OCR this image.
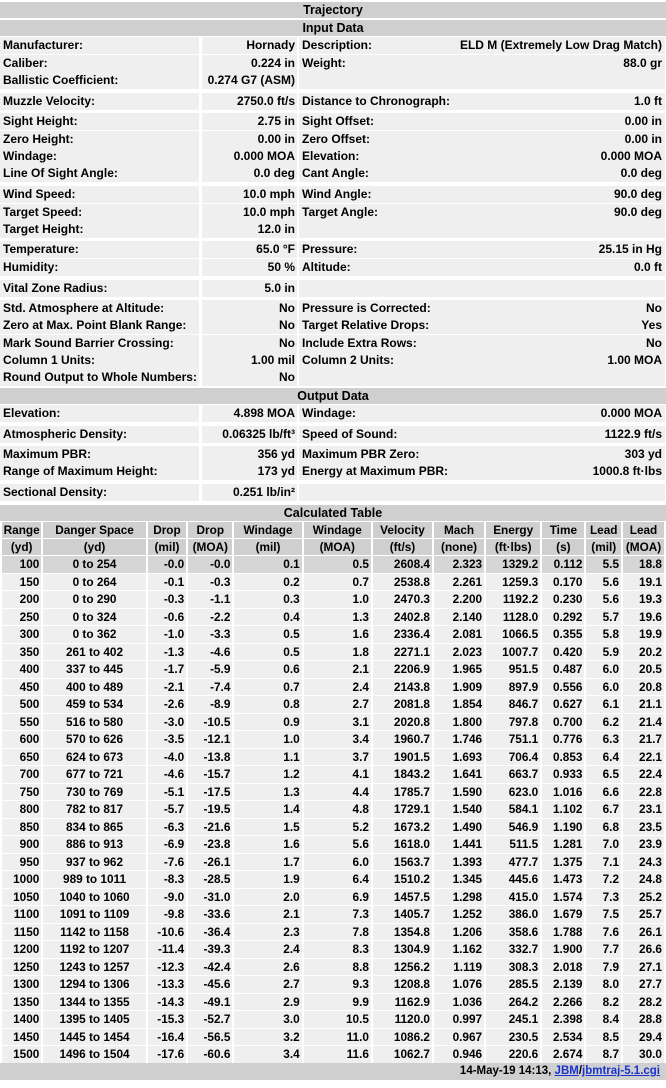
Trajectory
Input Data
Manufacturer:	Hornady Description:	ELD M (Extremely Low Drag Match)
Caliber:	0.224 in Weight:	88.0 gr
Ballistic Coefficient:	0.274 G7 (ASM)
Muzzle Velocity:	2750.0 ft/s Distance to Chronograph:	1.0 ft
Sight Height:	2.75 in Sight Offset:	0.00 in
Zero Height:	0.00 in Zero Offset:	0.00 in
Windage:	0.000 MOA Elevation:	0.000 MOA
Line Of Sight Angle:	0.0 deg Cant Angle:	0.0 deg
Wind Speed:	10.0 mph Wind Angle:	90.0 deg
Target Speed:	10.0 mph Target Angle:	90.0 deg
Target Height:	12.0 in
Temperature:	65.0 °F Pressure:	25.15 in Hg
Humidity:	50 % Altitude:	0.0 ft
Vital Zone Radius:	5.0 in
Std. Atmosphere at Altitude:	No Pressure is Corrected:	No
Zero at Max. Point Blank Range:	No Target Relative Drops:	Yes
Mark Sound Barrier Crossing:	No Include Extra Rows:	No
Column 1 Units:	1.00 mil Column 2 Units:	1.00 MOA
Round Output to Whole Numbers:	No
Output Data
Elevation:	4.898 MOA Windage:	0.000 MOA
Atmospheric Density:	0.06325 lb/ft³ Speed of Sound:	1122.9 ft/s
Maximum PBR:	356 yd Maximum PBR Zero:	303 yd
Range of Maximum Height:	173 yd Energy at Maximum PBR:	1000.8 ft·lbs
Sectional Density:	0.251 lb/in²
Calculated Table
Range	Danger Space	Drop	Drop	Windage	Windage	Velocity	Mach	Energy	Time	Lead	Lead
(yd)	(yd)	(mil)	(MOA)	(mil)	(MOA)	(ft/s)	(none)	(ft·lbs)	(s)	(mil)	(MOA)
100	0 to 254	-0.0	-0.0	0.1	0.5	2608.4	2.323	1329.2	0.112	5.5	18.8
150	0 to 264	-0.1	-0.3	0.2	0.7	2538.8	2.261	1259.3	0.170	5.6	19.1
200	0 to 290	-0.3	-1.1	0.3	1.0	2470.3	2.200	1192.2	0.230	5.6	19.3
250	0 to 324	-0.6	-2.2	0.4	1.3	2402.8	2.140	1128.0	0.292	5.7	19.6
300	0 to 362	-1.0	-3.3	0.5	1.6	2336.4	2.081	1066.5	0.355	5.8	19.9
350	261 to 402	-1.3	-4.6	0.5	1.8	2271.1	2.023	1007.7	0.420	5.9	20.2
400	337 to 445	-1.7	-5.9	0.6	2.1	2206.9	1.965	951.5	0.487	6.0	20.5
450	400 to 489	-2.1	-7.4	0.7	2.4	2143.8	1.909	897.9	0.556	6.0	20.8
500	459 to 534	-2.6	-8.9	0.8	2.7	2081.8	1.854	846.7	0.627	6.1	21.1
550	516 to 580	-3.0	-10.5	0.9	3.1	2020.8	1.800	797.8	0.700	6.2	21.4
600	570 to 626	-3.5	-12.1	1.0	3.4	1960.7	1.746	751.1	0.776	6.3	21.7
650	624 to 673	-4.0	-13.8	1.1	3.7	1901.5	1.693	706.4	0.853	6.4	22.1
700	677 to 721	-4.6	-15.7	1.2	4.1	1843.2	1.641	663.7	0.933	6.5	22.4
750	730 to 769	-5.1	-17.5	1.3	4.4	1785.7	1.590	623.0	1.016	6.6	22.8
800	782 to 817	-5.7	-19.5	1.4	4.8	1729.1	1.540	584.1	1.102	6.7	23.1
850	834 to 865	-6.3	-21.6	1.5	5.2	1673.2	1.490	546.9	1.190	6.8	23.5
900	886 to 913	-6.9	-23.8	1.6	5.6	1618.0	1.441	511.5	1.281	7.0	23.9
950	937 to 962	-7.6	-26.1	1.7	6.0	1563.7	1.393	477.7	1.375	7.1	24.3
1000	989 to 1011	-8.3	-28.5	1.9	6.4	1510.2	1.345	445.6	1.473	7.2	24.8
1050	1040 to 1060	-9.0	-31.0	2.0	6.9	1457.5	1.298	415.0	1.574	7.3	25.2
1100	1091 to 1109	-9.8	-33.6	2.1	7.3	1405.7	1.252	386.0	1.679	7.5	25.7
1150	1142 to 1158	-10.6	-36.4	2.3	7.8	1354.8	1.206	358.6	1.788	7.6	26.1
1200	1192 to 1207	-11.4	-39.3	2.4	8.3	1304.9	1.162	332.7	1.900	7.7	26.6
1250	1243 to 1257	-12.3	-42.4	2.6	8.8	1256.2	1.119	308.3	2.018	7.9	27.1
1300	1294 to 1306	-13.3	-45.6	2.7	9.3	1208.8	1.076	285.5	2.139	8.0	27.7
1350	1344 to 1355	-14.3	-49.1	2.9	9.9	1162.9	1.036	264.2	2.266	8.2	28.2
1400	1395 to 1405	-15.3	-52.7	3.0	10.5	1120.0	0.997	245.1	2.398	8.4	28.8
1450	1445 to 1454	-16.4	-56.5	3.2	11.0	1086.2	0.967	230.5	2.534	8.5	29.4
1500	1496 to 1504	-17.6	-60.6	3.4	11.6	1062.7	0.946	220.6	2.674	8.7	30.0
14-May-19 14:13, JBM/jbmtraj-5.1.cgi
